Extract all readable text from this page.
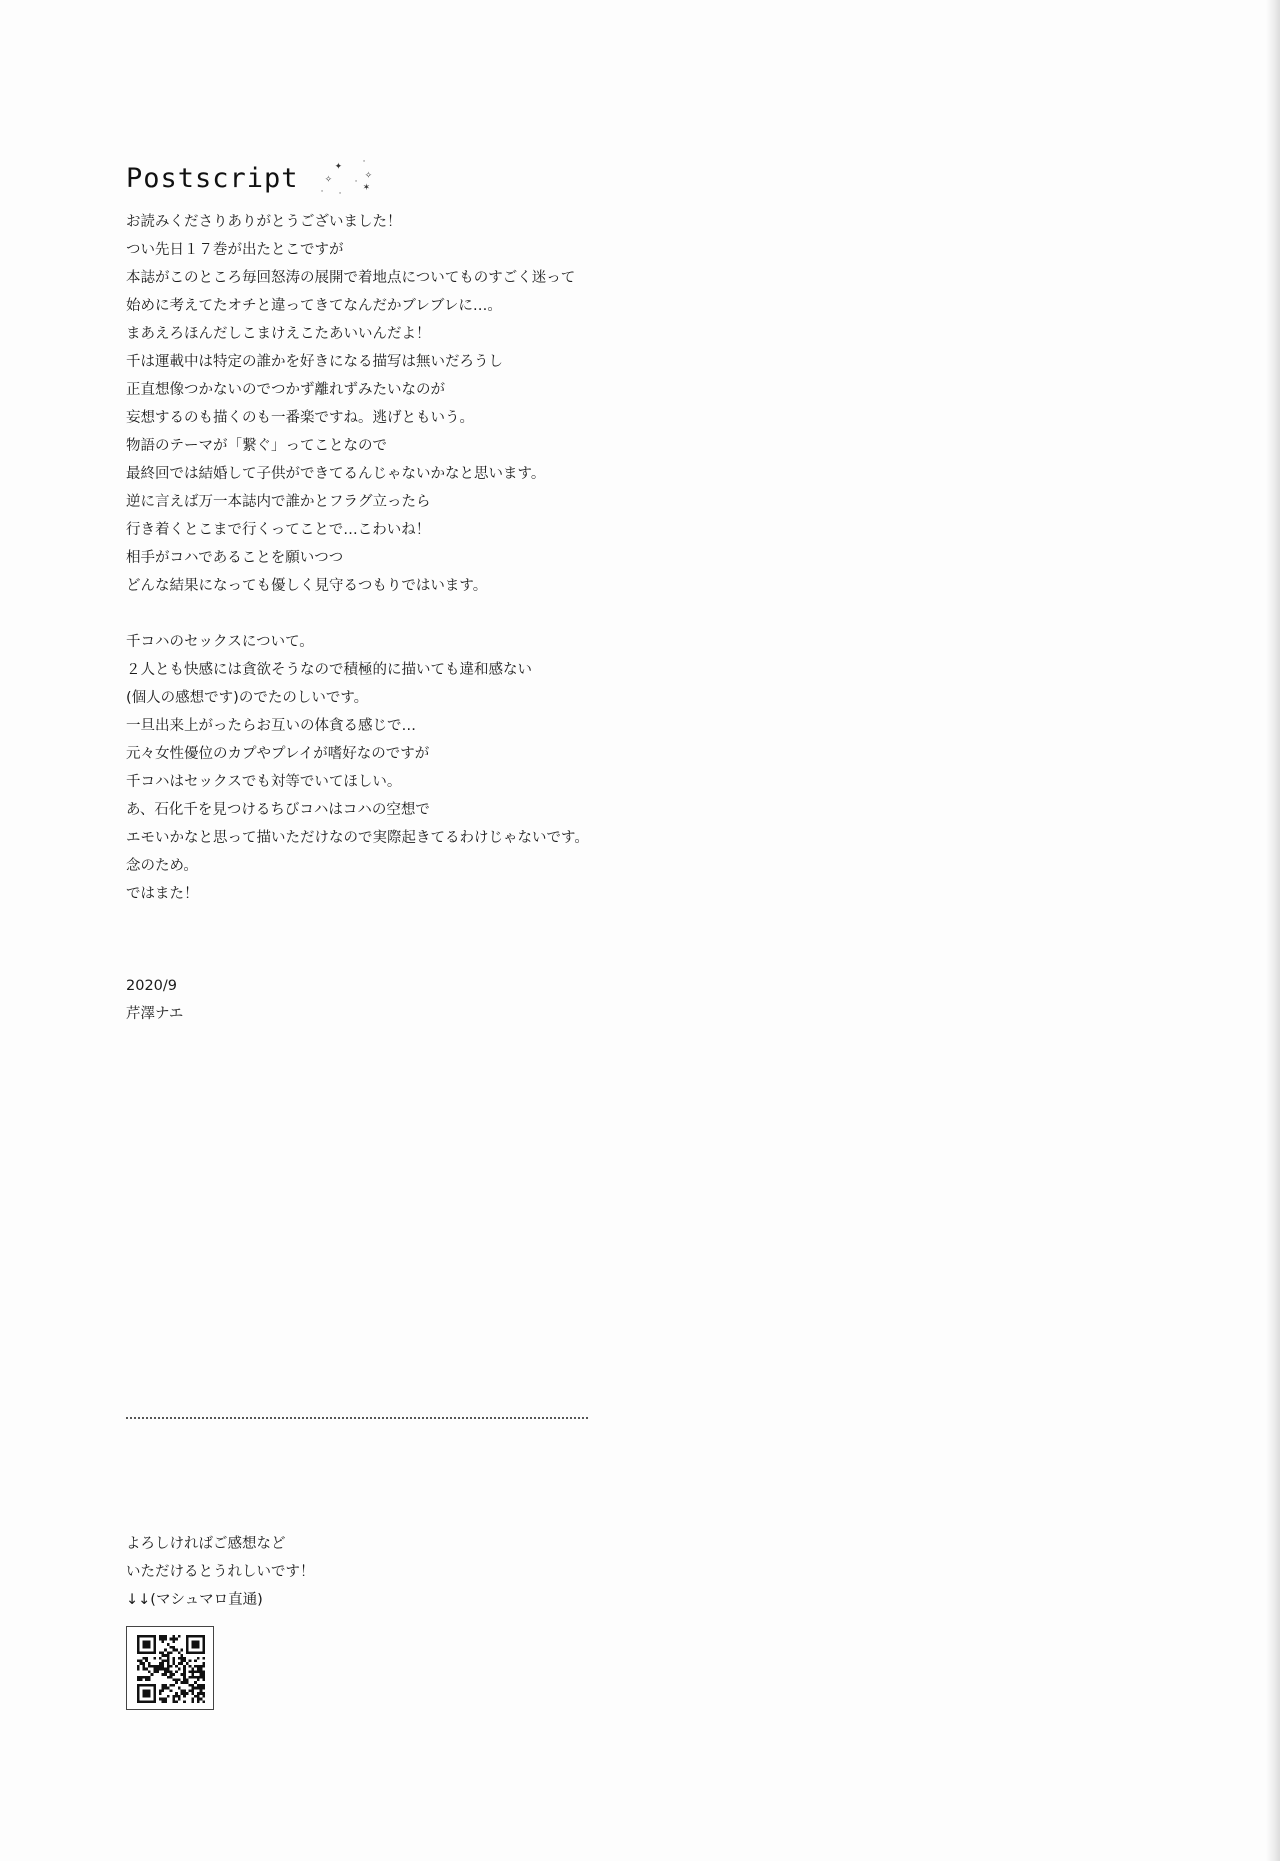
Postscript	✦
✧
· ·
·
✧
·
✶

お読みくださりありがとうございました！

つい先日１７巻が出たとこですが

本誌がこのところ毎回怒涛の展開で着地点についてものすごく迷って

始めに考えてたオチと違ってきてなんだかブレブレに…。

まあえろほんだしこまけえこたあいいんだよ！

千は運載中は特定の誰かを好きになる描写は無いだろうし

正直想像つかないのでつかず離れずみたいなのが

妄想するのも描くのも一番楽ですね。逃げともいう。

物語のテーマが「繋ぐ」ってことなので

最終回では結婚して子供ができてるんじゃないかなと思います。

逆に言えば万一本誌内で誰かとフラグ立ったら

行き着くとこまで行くってことで…こわいね！

相手がコハであることを願いつつ

どんな結果になっても優しく見守るつもりではいます。

千コハのセックスについて。

２人とも快感には貪欲そうなので積極的に描いても違和感ない

(個人の感想です)のでたのしいです。

一旦出来上がったらお互いの体貪る感じで…

元々女性優位のカプやプレイが嗜好なのですが

千コハはセックスでも対等でいてほしい。

あ、石化千を見つけるちびコハはコハの空想で

エモいかなと思って描いただけなので実際起きてるわけじゃないです。

念のため。

ではまた！

2020/9

芹澤ナエ

よろしければご感想など

いただけるとうれしいです！

↓↓(マシュマロ直通)
